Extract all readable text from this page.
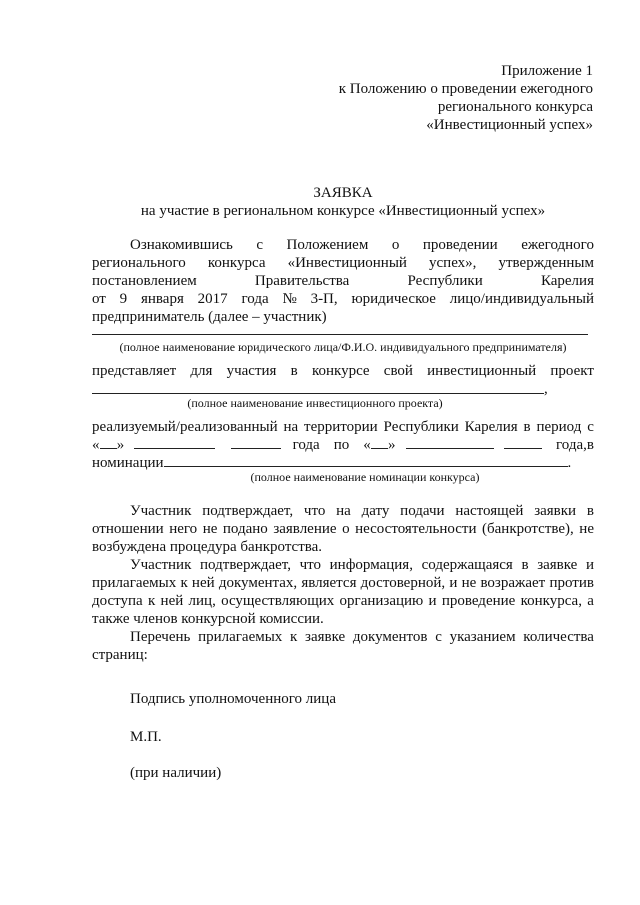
Приложение 1
к Положению о проведении ежегодного
регионального конкурса
«Инвестиционный успех»
ЗАЯВКА
на участие в региональном конкурсе «Инвестиционный успех»
Ознакомившись с Положением о проведении ежегодного
регионального конкурса «Инвестиционный успех», утвержденным
постановлением	Правительства	Республики	Карелия
от 9 января 2017 года № 3-П, юридическое лицо/индивидуальный
предприниматель (далее – участник)
(полное наименование юридического лица/Ф.И.О. индивидуального предпринимателя)
представляет для участия в конкурсе свой инвестиционный проект
,
(полное наименование инвестиционного проекта)
реализуемый/реализованный на территории Республики Карелия в период с
« »	года по « »	года, в
номинации	.
(полное наименование номинации конкурса)
Участник подтверждает, что на дату подачи настоящей заявки в
отношении него не подано заявление о несостоятельности (банкротстве), не
возбуждена процедура банкротства.
Участник подтверждает, что информация, содержащаяся в заявке и
прилагаемых к ней документах, является достоверной, и не возражает против
доступа к ней лиц, осуществляющих организацию и проведение конкурса, а
также членов конкурсной комиссии.
Перечень прилагаемых к заявке документов с указанием количества
страниц:
Подпись уполномоченного лица
М.П.
(при наличии)
